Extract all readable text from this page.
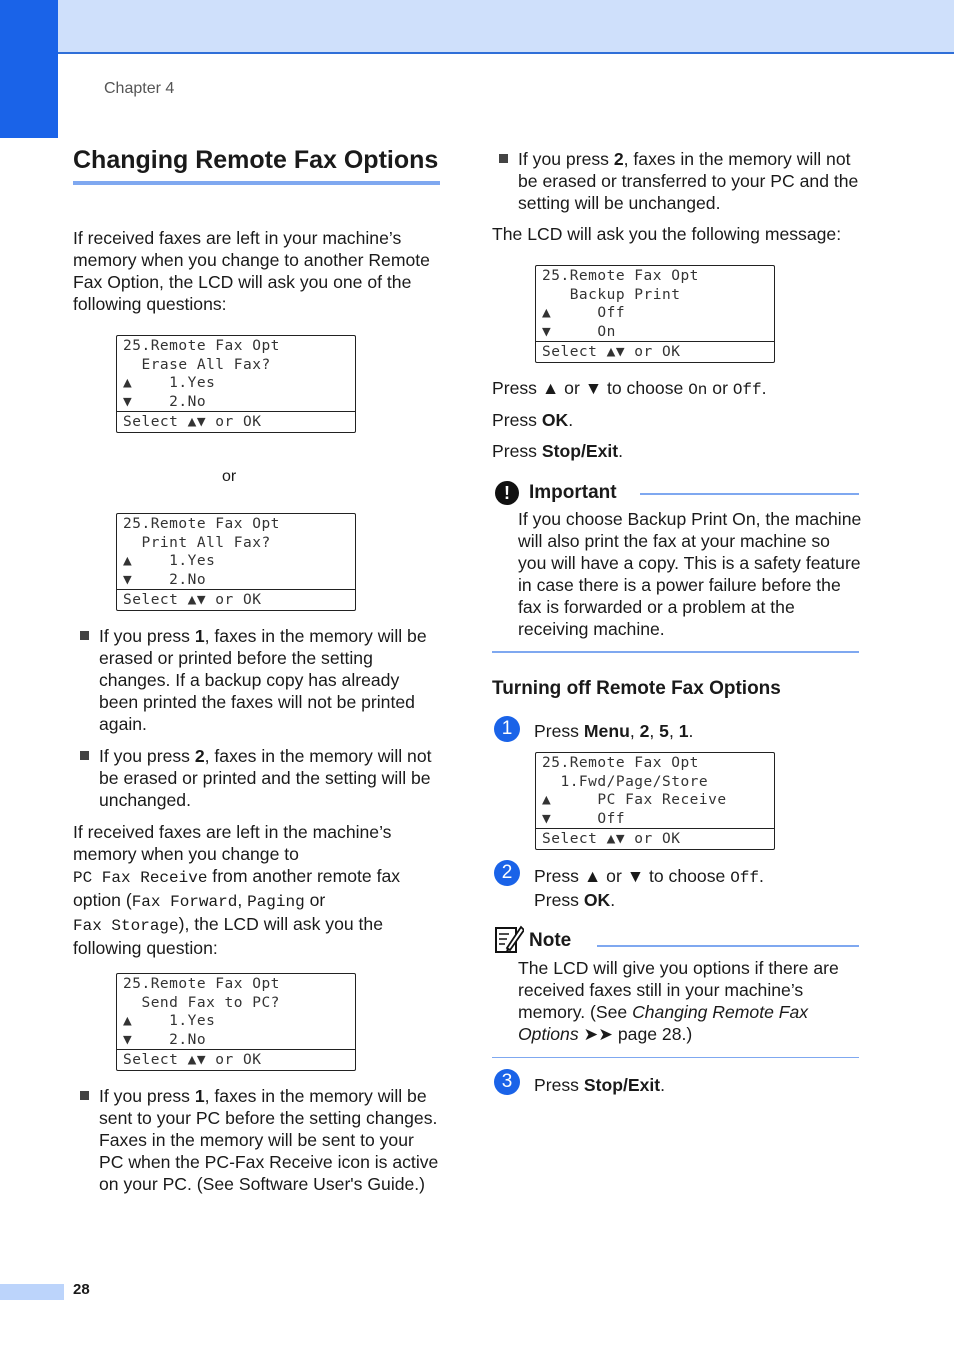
Chapter 4
Changing Remote Fax Options

If received faxes are left in your machine’s memory when you change to another Remote Fax Option, the LCD will ask you one of the following questions:

25.Remote Fax Opt
Erase All Fax?
▲    1.Yes
▼    2.No
Select ▲▼ or OK
or
25.Remote Fax Opt
Print All Fax?
▲    1.Yes
▼    2.No
Select ▲▼ or OK
If you press 1, faxes in the memory will be erased or printed before the setting changes. If a backup copy has already been printed the faxes will not be printed again.
If you press 2, faxes in the memory will not be erased or printed and the setting will be unchanged.

If received faxes are left in the machine’s memory when you change to
PC Fax Receive from another remote fax option (Fax Forward, Paging or
Fax Storage), the LCD will ask you the following question:

25.Remote Fax Opt
Send Fax to PC?
▲    1.Yes
▼    2.No
Select ▲▼ or OK
If you press 1, faxes in the memory will be sent to your PC before the setting changes. Faxes in the memory will be sent to your PC when the PC-Fax Receive icon is active on your PC. (See Software User's Guide.)
If you press 2, faxes in the memory will not be erased or transferred to your PC and the setting will be unchanged.

The LCD will ask you the following message:

25.Remote Fax Opt
Backup Print
▲     Off
▼     On
Select ▲▼ or OK

Press ▲ or ▼ to choose On or Off.

Press OK.

Press Stop/Exit.

!	Important

If you choose Backup Print On, the machine will also print the fax at your machine so you will have a copy. This is a safety feature in case there is a power failure before the fax is forwarded or a problem at the receiving machine.

Turning off Remote Fax Options
1	Press Menu, 2, 5, 1.

25.Remote Fax Opt
1.Fwd/Page/Store
▲     PC Fax Receive
▼     Off
Select ▲▼ or OK
2	Press ▲ or ▼ to choose Off.
Press OK.

Note

The LCD will give you options if there are received faxes still in your machine’s memory. (See Changing Remote Fax Options ➤➤ page 28.)

3	Press Stop/Exit.

28
